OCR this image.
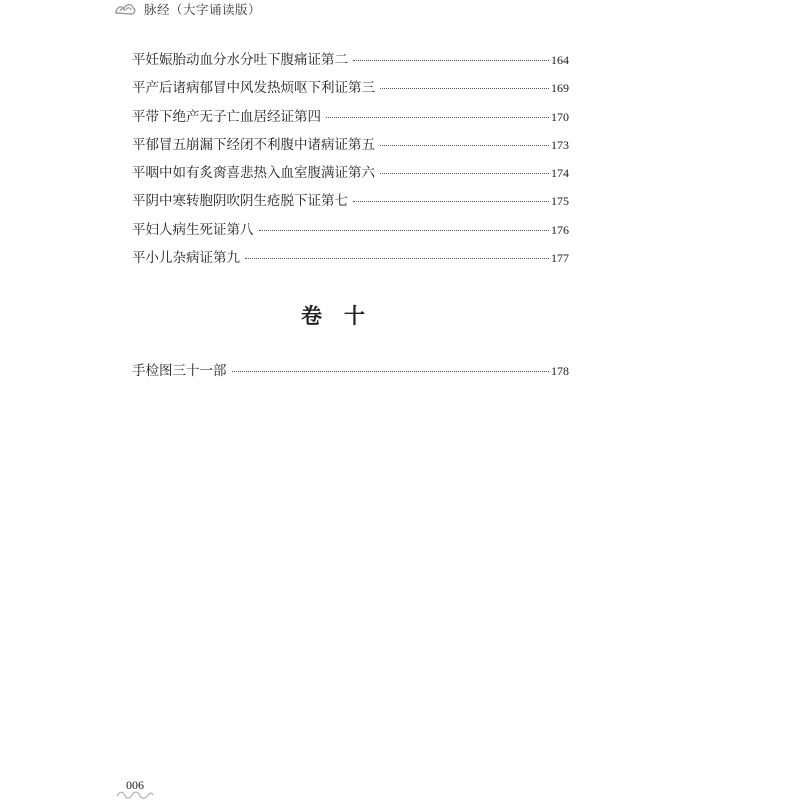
脉经（大字诵读版）
平妊娠胎动血分水分吐下腹痛证第二	164
平产后诸病郁冒中风发热烦呕下利证第三	169
平带下绝产无子亡血居经证第四	170
平郁冒五崩漏下经闭不利腹中诸病证第五	173
平咽中如有炙脔喜悲热入血室腹满证第六	174
平阴中寒转胞阴吹阴生疮脱下证第七	175
平妇人病生死证第八	176
平小儿杂病证第九	177
卷十
手检图三十一部	178
006
